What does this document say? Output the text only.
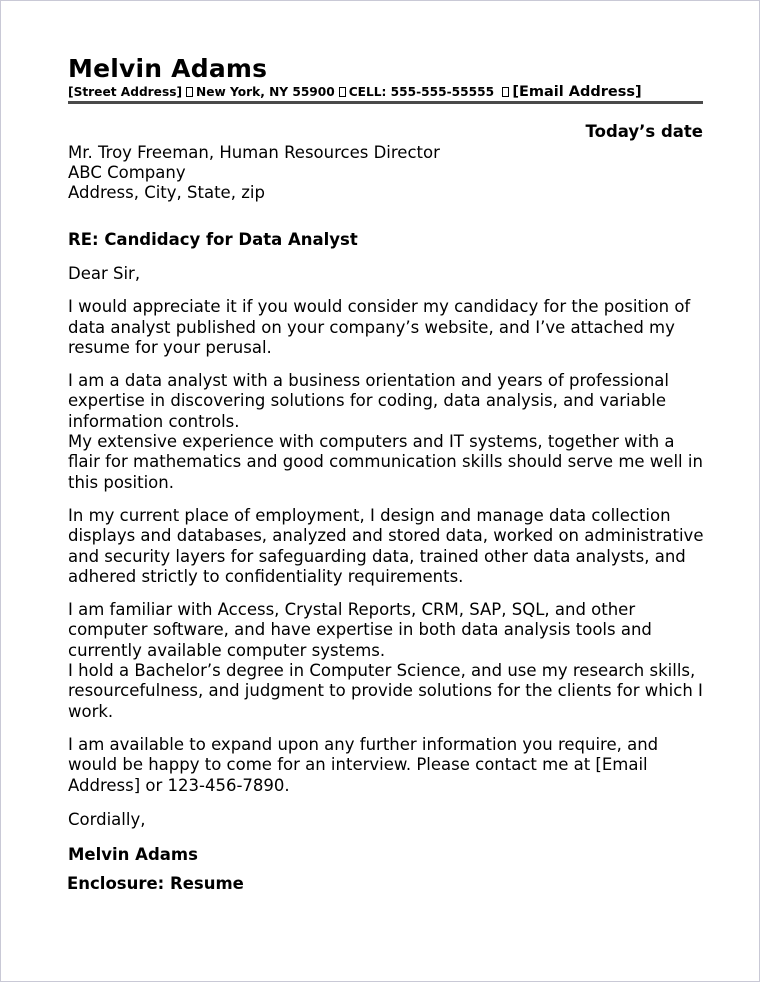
Melvin Adams
[Street Address] New York, NY 55900 CELL: 555-555-55555 [Email Address]
Today’s date
Mr. Troy Freeman, Human Resources Director
ABC Company
Address, City, State, zip
RE: Candidacy for Data Analyst

Dear Sir,

I would appreciate it if you would consider my candidacy for the position of data analyst published on your company’s website, and I’ve attached my resume for your perusal.

I am a data analyst with a business orientation and years of professional expertise in discovering solutions for coding, data analysis, and variable information controls.
My extensive experience with computers and IT systems, together with a flair for mathematics and good communication skills should serve me well in this position.

In my current place of employment, I design and manage data collection displays and databases, analyzed and stored data, worked on administrative and security layers for safeguarding data, trained other data analysts, and adhered strictly to confidentiality requirements.

I am familiar with Access, Crystal Reports, CRM, SAP, SQL, and other computer software, and have expertise in both data analysis tools and currently available computer systems.
I hold a Bachelor’s degree in Computer Science, and use my research skills, resourcefulness, and judgment to provide solutions for the clients for which I work.

I am available to expand upon any further information you require, and would be happy to come for an interview. Please contact me at [Email Address] or 123-456-7890.

Cordially,

Melvin Adams
Enclosure: Resume
